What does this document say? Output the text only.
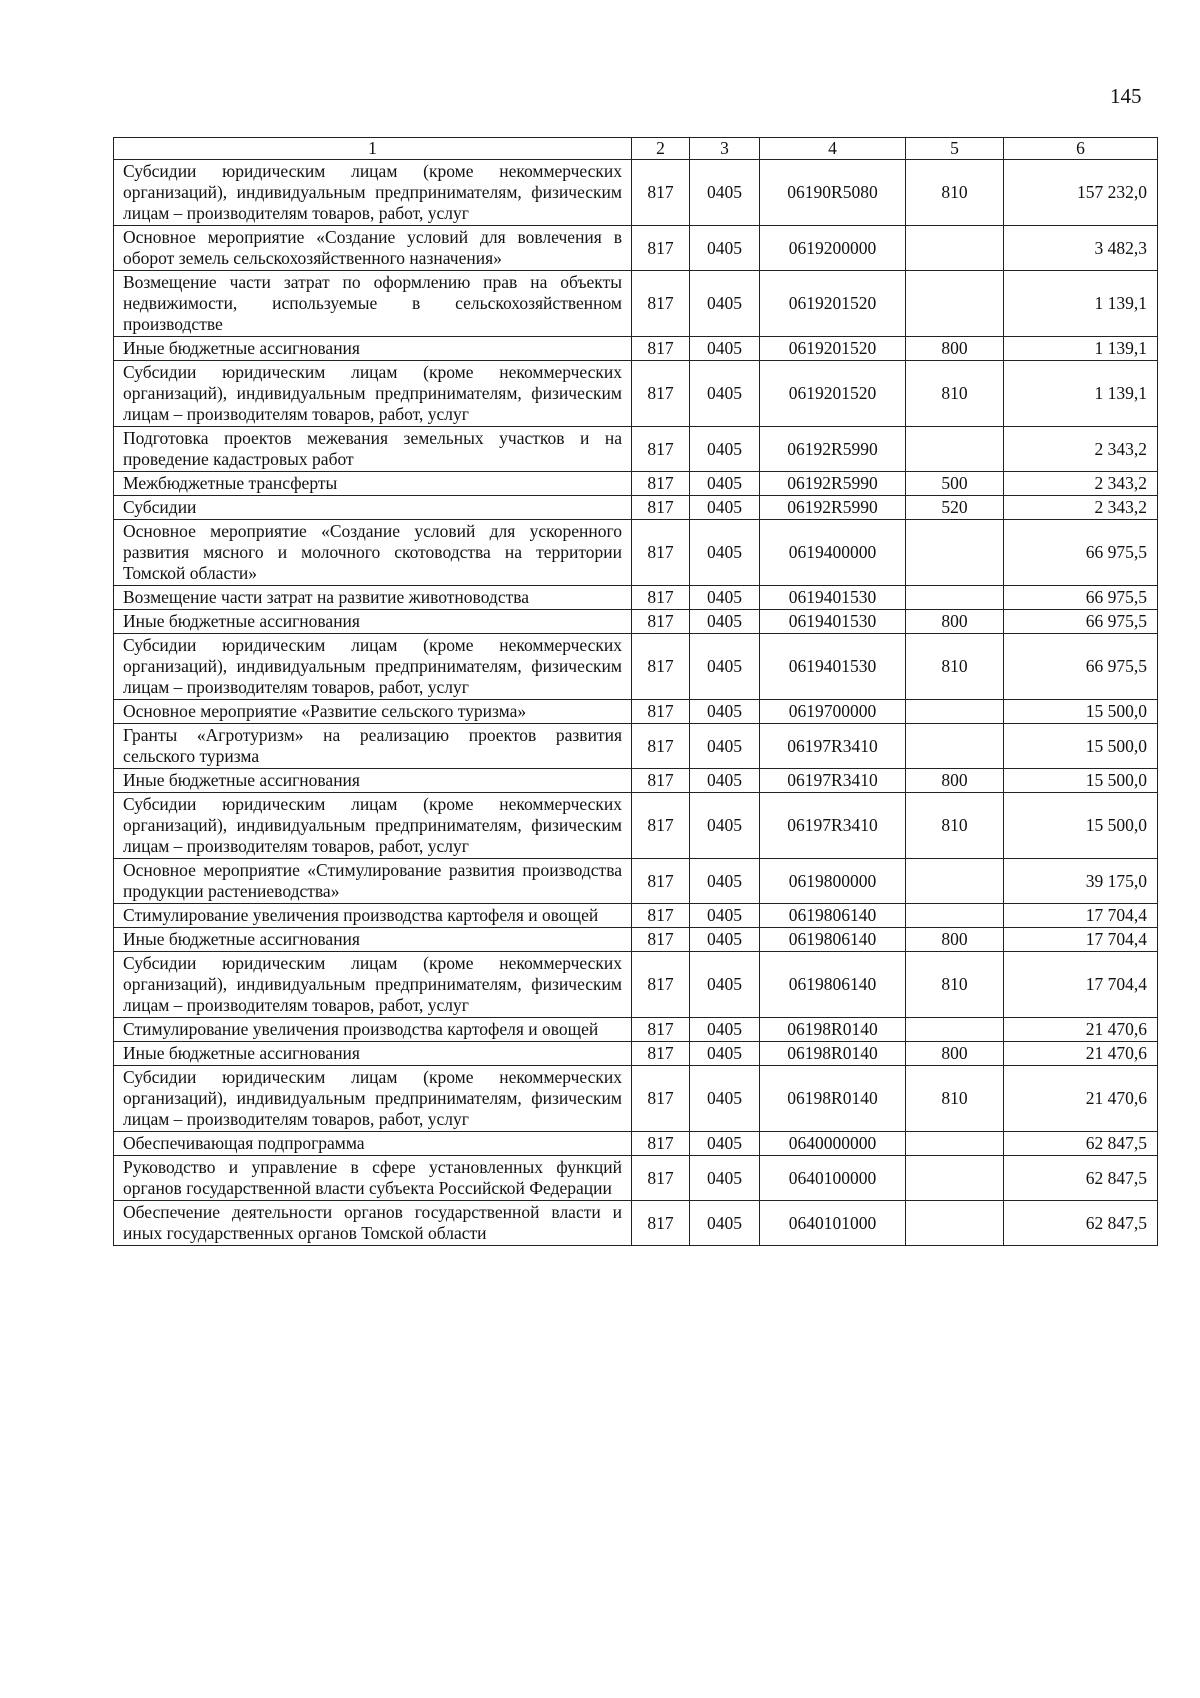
145
1	2	3	4	5	6
Субсидии юридическим лицам (кроме некоммерческих организаций), индивидуальным предпринимателям, физическим лицам – производителям товаров, работ, услуг	817	0405	06190R5080	810	157 232,0
Основное мероприятие «Создание условий для вовлечения в оборот земель сельскохозяйственного назначения»	817	0405	0619200000		3 482,3
Возмещение части затрат по оформлению прав на объекты недвижимости, используемые в сельскохозяйственном производстве	817	0405	0619201520		1 139,1
Иные бюджетные ассигнования	817	0405	0619201520	800	1 139,1
Субсидии юридическим лицам (кроме некоммерческих организаций), индивидуальным предпринимателям, физическим лицам – производителям товаров, работ, услуг	817	0405	0619201520	810	1 139,1
Подготовка проектов межевания земельных участков и на проведение кадастровых работ	817	0405	06192R5990		2 343,2
Межбюджетные трансферты	817	0405	06192R5990	500	2 343,2
Субсидии	817	0405	06192R5990	520	2 343,2
Основное мероприятие «Создание условий для ускоренного развития мясного и молочного скотоводства на территории Томской области»	817	0405	0619400000		66 975,5
Возмещение части затрат на развитие животноводства	817	0405	0619401530		66 975,5
Иные бюджетные ассигнования	817	0405	0619401530	800	66 975,5
Субсидии юридическим лицам (кроме некоммерческих организаций), индивидуальным предпринимателям, физическим лицам – производителям товаров, работ, услуг	817	0405	0619401530	810	66 975,5
Основное мероприятие «Развитие сельского туризма»	817	0405	0619700000		15 500,0
Гранты «Агротуризм» на реализацию проектов развития сельского туризма	817	0405	06197R3410		15 500,0
Иные бюджетные ассигнования	817	0405	06197R3410	800	15 500,0
Субсидии юридическим лицам (кроме некоммерческих организаций), индивидуальным предпринимателям, физическим лицам – производителям товаров, работ, услуг	817	0405	06197R3410	810	15 500,0
Основное мероприятие «Стимулирование развития производства продукции растениеводства»	817	0405	0619800000		39 175,0
Стимулирование увеличения производства картофеля и овощей	817	0405	0619806140		17 704,4
Иные бюджетные ассигнования	817	0405	0619806140	800	17 704,4
Субсидии юридическим лицам (кроме некоммерческих организаций), индивидуальным предпринимателям, физическим лицам – производителям товаров, работ, услуг	817	0405	0619806140	810	17 704,4
Стимулирование увеличения производства картофеля и овощей	817	0405	06198R0140		21 470,6
Иные бюджетные ассигнования	817	0405	06198R0140	800	21 470,6
Субсидии юридическим лицам (кроме некоммерческих организаций), индивидуальным предпринимателям, физическим лицам – производителям товаров, работ, услуг	817	0405	06198R0140	810	21 470,6
Обеспечивающая подпрограмма	817	0405	0640000000		62 847,5
Руководство и управление в сфере установленных функций органов государственной власти субъекта Российской Федерации	817	0405	0640100000		62 847,5
Обеспечение деятельности органов государственной власти и иных государственных органов Томской области	817	0405	0640101000		62 847,5
